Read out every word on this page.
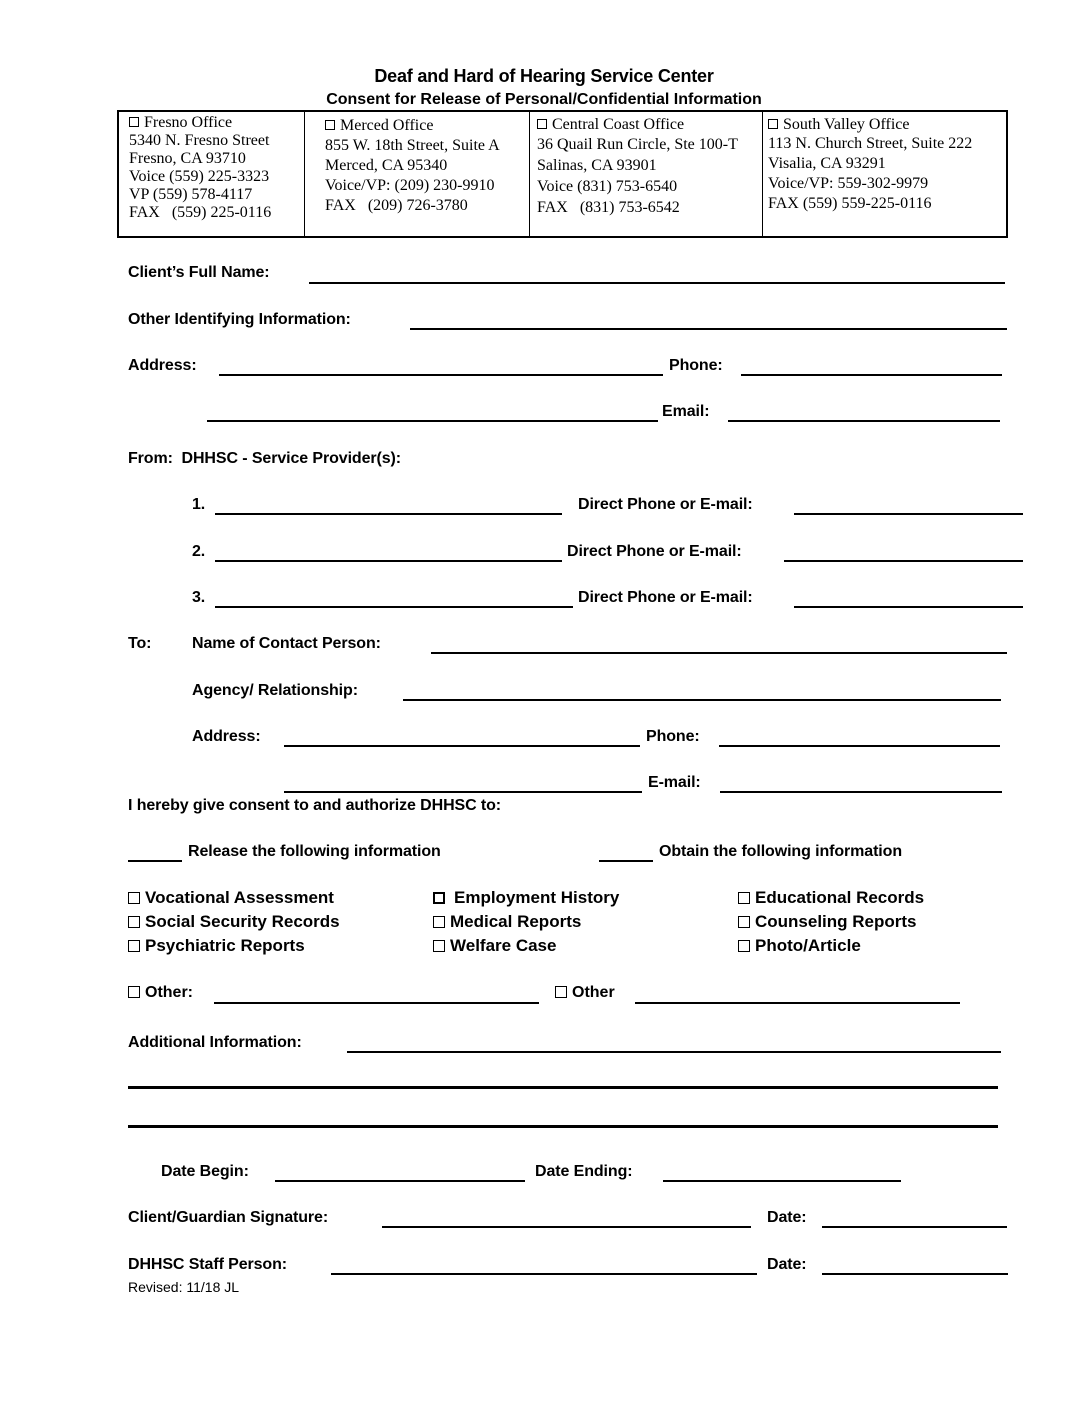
Deaf and Hard of Hearing Service Center
Consent for Release of Personal/Confidential Information
Fresno Office
5340 N. Fresno Street
Fresno, CA 93710
Voice (559) 225-3323
VP (559) 578-4117
FAX   (559) 225-0116
Merced Office
855 W. 18th Street, Suite A
Merced, CA 95340
Voice/VP: (209) 230-9910
FAX   (209) 726-3780
Central Coast Office
36 Quail Run Circle, Ste 100-T
Salinas, CA 93901
Voice (831) 753-6540
FAX   (831) 753-6542
South Valley Office
113 N. Church Street, Suite 222
Visalia, CA 93291
Voice/VP: 559-302-9979
FAX (559) 559-225-0116
Client’s Full Name:
Other Identifying Information:
Address:	Phone:
Email:
From:  DHHSC - Service Provider(s):
1.	Direct Phone or E-mail:
2.	Direct Phone or E-mail:
3.	Direct Phone or E-mail:
To:	Name of Contact Person:
Agency/ Relationship:
Address:	Phone:
E-mail:
I hereby give consent to and authorize DHHSC to:
Release the following information	Obtain the following information
Vocational Assessment	Employment History	Educational Records
Social Security Records	Medical Reports	Counseling Reports
Psychiatric Reports	Welfare Case	Photo/Article
Other:	Other
Additional Information:
Date Begin:	Date Ending:
Client/Guardian Signature:	Date:
DHHSC Staff Person:	Date:
Revised: 11/18 JL
